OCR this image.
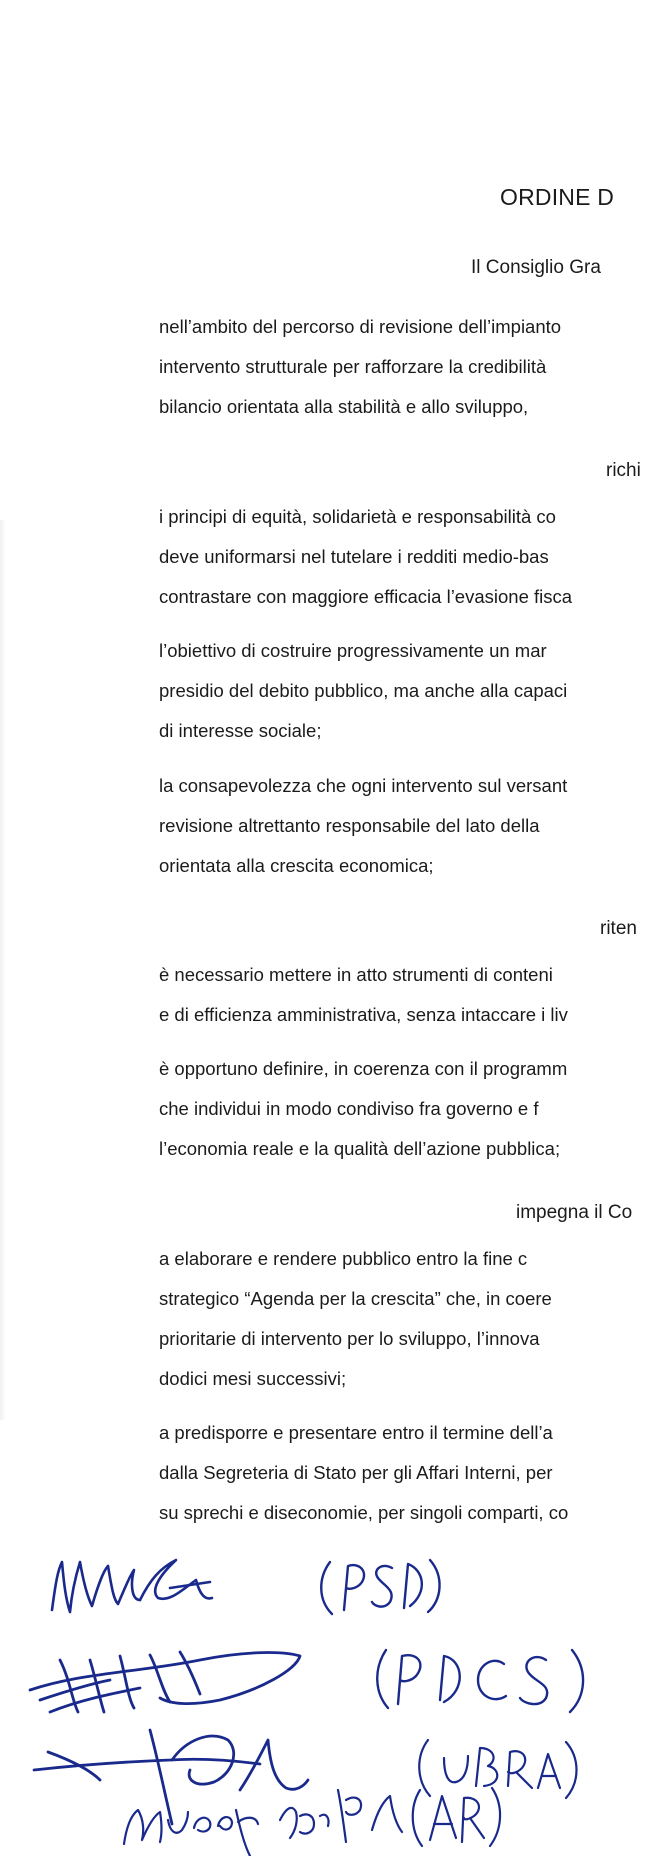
ORDINE D
Il Consiglio Gra
nell’ambito del percorso di revisione dell’impianto
intervento strutturale per rafforzare la credibilità
bilancio orientata alla stabilità e allo sviluppo,
richi
i principi di equità, solidarietà e responsabilità co
deve uniformarsi nel tutelare i redditi medio-bas
contrastare con maggiore efficacia l’evasione fisca
l’obiettivo di costruire progressivamente un mar
presidio del debito pubblico, ma anche alla capaci
di interesse sociale;
la consapevolezza che ogni intervento sul versant
revisione altrettanto responsabile del lato della
orientata alla crescita economica;
riten
è necessario mettere in atto strumenti di conteni
e di efficienza amministrativa, senza intaccare i liv
è opportuno definire, in coerenza con il programm
che individui in modo condiviso fra governo e f
l’economia reale e la qualità dell’azione pubblica;
impegna il Co
a elaborare e rendere pubblico entro la fine c
strategico “Agenda per la crescita” che, in coere
prioritarie di intervento per lo sviluppo, l’innova
dodici mesi successivi;
a predisporre e presentare entro il termine dell’a
dalla Segreteria di Stato per gli Affari Interni, per
su sprechi e diseconomie, per singoli comparti, co
